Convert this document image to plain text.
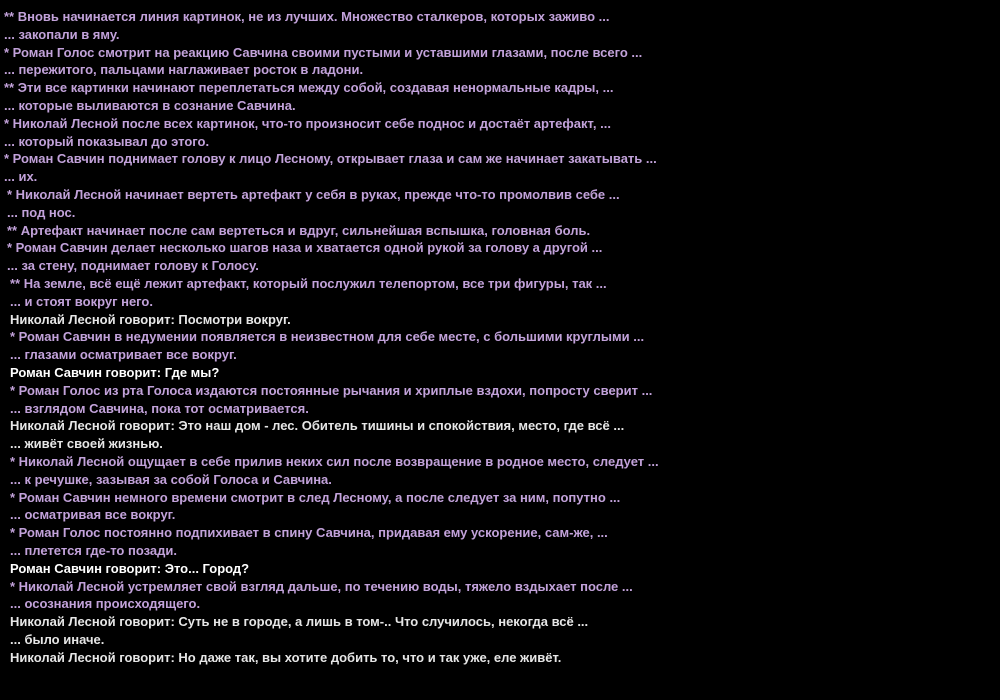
** Вновь начинается линия картинок, не из лучших. Множество сталкеров, которых заживо ...
... закопали в яму.
* Роман Голос смотрит на реакцию Савчина своими пустыми и уставшими глазами, после всего ...
... пережитого, пальцами наглаживает росток в ладони.
** Эти все картинки начинают переплетаться между собой, создавая ненормальные кадры, ...
... которые выливаются в сознание Савчина.
* Николай Лесной после всех картинок, что-то произносит себе поднос и достаёт артефакт, ...
... который показывал до этого.
* Роман Савчин поднимает голову к лицо Лесному, открывает глаза и сам же начинает закатывать ...
... их.
* Николай Лесной начинает вертеть артефакт у себя в руках, прежде что-то промолвив себе ...
... под нос.
** Артефакт начинает после сам вертеться и вдруг, сильнейшая вспышка, головная боль.
* Роман Савчин делает несколько шагов наза и хватается одной рукой за голову а другой ...
... за стену, поднимает голову к Голосу.
** На земле, всё ещё лежит артефакт, который послужил телепортом, все три фигуры, так ...
... и стоят вокруг него.
Николай Лесной говорит: Посмотри вокруг.
* Роман Савчин в недумении появляется в неизвестном для себе месте, с большими круглыми ...
... глазами осматривает все вокруг.
Роман Савчин говорит: Где мы?
* Роман Голос из рта Голоса издаются постоянные рычания и хриплые вздохи, попросту сверит ...
... взглядом Савчина, пока тот осматривается.
Николай Лесной говорит: Это наш дом - лес. Обитель тишины и спокойствия, место, где всё ...
... живёт своей жизнью.
* Николай Лесной ощущает в себе прилив неких сил после возвращение в родное место, следует ...
... к речушке, зазывая за собой Голоса и Савчина.
* Роман Савчин немного времени смотрит в след Лесному, а после следует за ним, попутно ...
... осматривая все вокруг.
* Роман Голос постоянно подпихивает в спину Савчина, придавая ему ускорение, сам-же, ...
... плетется где-то позади.
Роман Савчин говорит: Это... Город?
* Николай Лесной устремляет свой взгляд дальше, по течению воды, тяжело вздыхает после ...
... осознания происходящего.
Николай Лесной говорит: Суть не в городе, а лишь в том-.. Что случилось, некогда всё ...
... было иначе.
Николай Лесной говорит: Но даже так, вы хотите добить то, что и так уже, еле живёт.
